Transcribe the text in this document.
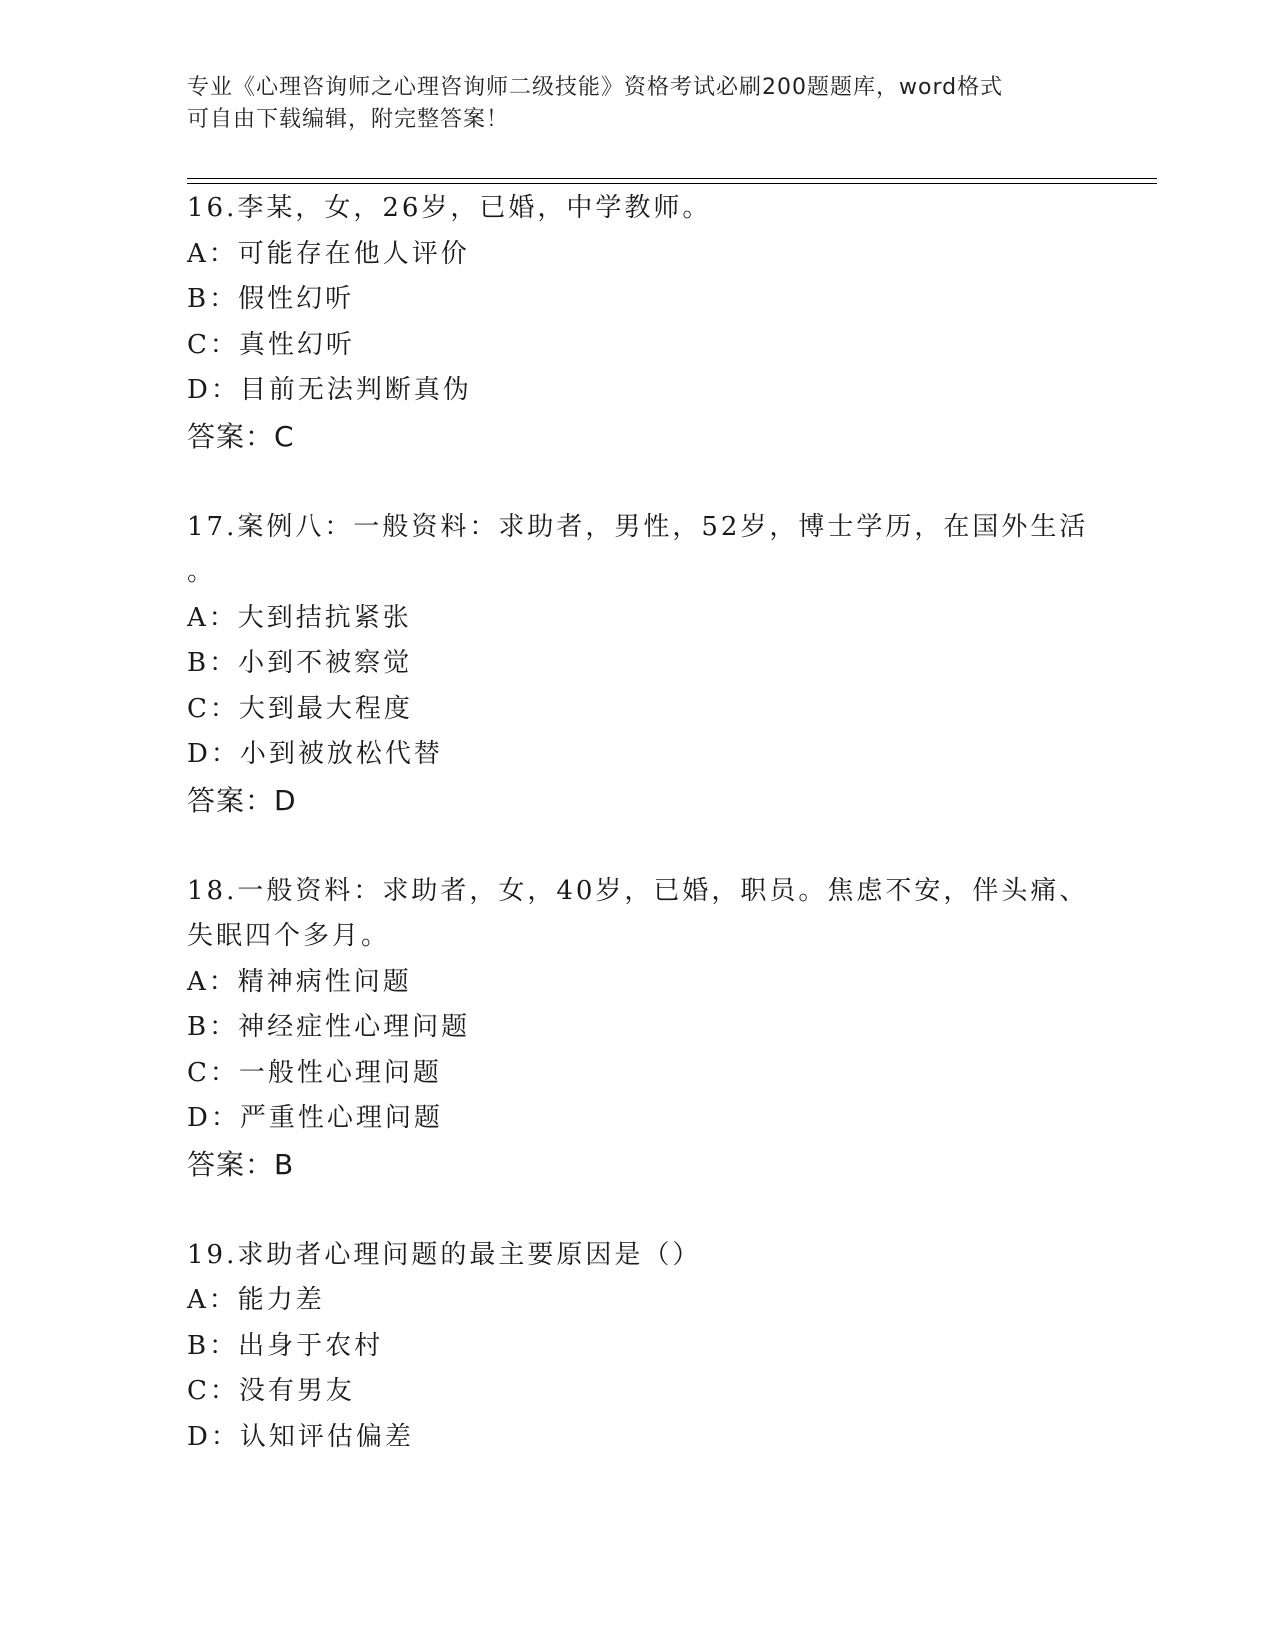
专业《心理咨询师之心理咨询师二级技能》资格考试必刷200题题库，word格式
可自由下载编辑，附完整答案！
16.李某，女，26岁，已婚，中学教师。
A：可能存在他人评价
B：假性幻听
C：真性幻听
D：目前无法判断真伪
答案：C
17.案例八：一般资料：求助者，男性，52岁，博士学历，在国外生活
。
A：大到拮抗紧张
B：小到不被察觉
C：大到最大程度
D：小到被放松代替
答案：D
18.一般资料：求助者，女，40岁，已婚，职员。焦虑不安，伴头痛、
失眠四个多月。
A：精神病性问题
B：神经症性心理问题
C：一般性心理问题
D：严重性心理问题
答案：B
19.求助者心理问题的最主要原因是（）
A：能力差
B：出身于农村
C：没有男友
D：认知评估偏差
